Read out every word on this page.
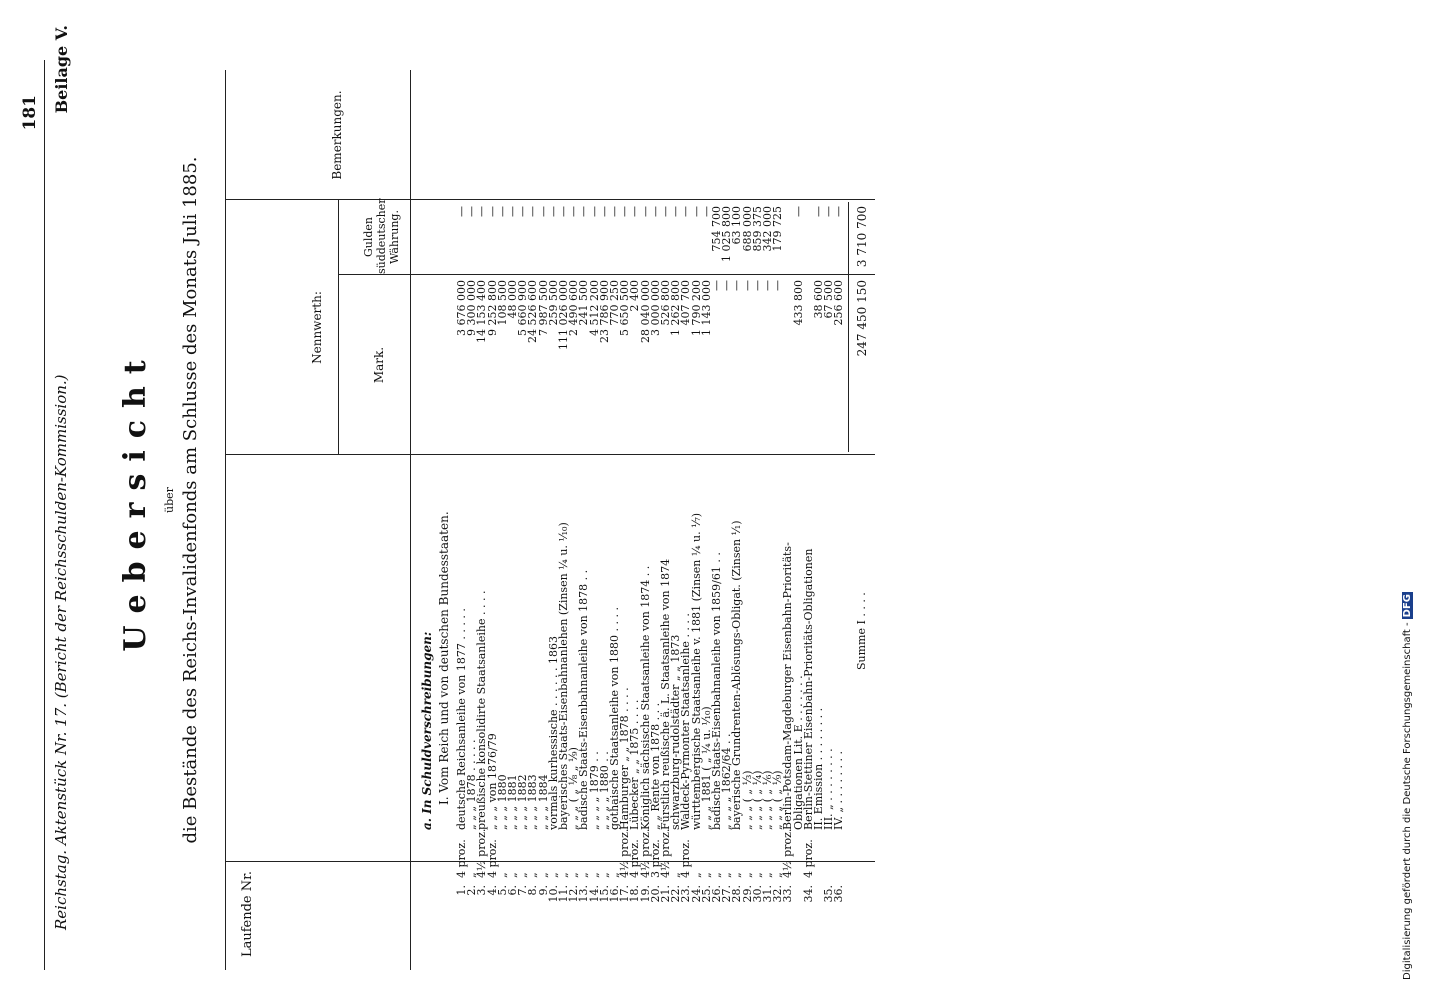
181
Reichstag. Aktenstück Nr. 17. (Bericht der Reichsschulden-Kommission.)
Beilage V.
Uebersicht über die Bestände des Reichs-Invalidenfonds am Schlusse des Monats Juli 1885.
Laufende Nr.
Nennwerth:
Mark.
Gulden süddeutscher Währung.
Bemerkungen.
a. In Schuldverschreibungen: I. Vom Reich und von deutschen Bundesstaaten.
1.
4 proz.
deutsche Reichsanleihe von 1877 . . . . .
3 676 000
—
2.
„
„ „ „ 1878 . . . . .
9 300 000
—
3.
4½ proz.
preußische konsolidirte Staatsanleihe . . . .
14 153 400
—
4.
4 proz.
„ „ „ von 1876/79
9 252 800
—
5.
„
„ „ „ 1880
108 500
—
6.
„
„ „ „ 1881
48 000
—
7.
„
„ „ „ 1882
5 660 900
—
8.
„
„ „ „ 1883
24 526 600
—
9.
„
„ „ „ 1884
7 987 500
—
10.
„
vormals kurhessische . . . . . . 1863
259 500
—
11.
„
bayerisches Staats-Eisenbahnanlehen (Zinsen ¼ u. ¹⁄₁₀)
111 026 000
—
12.
„
„ „ „ ( „ ⅛ „ ⅟₉)
2 490 600
—
13.
„
badische Staats-Eisenbahnanleihe von 1878 . .
241 500
—
14.
„
„ „ „ „ 1879 . .
4 512 200
—
15.
„
„ „ „ „ 1880 . .
23 786 900
—
16.
„
gothaische Staatsanleihe von 1880 . . . .
770 250
—
17.
4½ proz.
Hamburger „ „ 1878 . . . .
5 650 500
—
18.
4 proz.
Lübecker „ „ 1875 . . . .
2 400
—
19.
4½ proz.
Königlich sächsische Staatsanleihe von 1874 . .
28 040 000
—
20.
3 proz.
„ „ Rente von 1878 . . .
3 000 000
—
21.
4½ proz.
Fürstlich reußische ä. L. Staatsanleihe von 1874
526 800
—
22.
„
schwarzburg-rudolstädter „ „ 1873
1 262 800
—
23.
4 proz.
Waldeck-Pyrmonter Staatsanleihe . . . .
407 700
—
24.
„
württembergische Staatsanleihe v. 1881 (Zinsen ¼ u. ⅟₇)
1 790 200
—
25.
„
„ „ „ 1881 ( „ ¼ u. ¹⁄₁₀)
1 143 000
—
26.
„
badische Staats-Eisenbahnanleihe von 1859/61 . .
—
754 700
27.
„
„ „ „ „ 1862/64 . .
—
1 025 800
28.
„
bayerische Grundrenten-Ablösungs-Obligat. (Zinsen ⅟₁)
—
63 100
29.
„
„ „ „ ( „ ⅟₃)
—
688 000
30.
„
„ „ „ ( „ ⅟₄)
—
859 375
31.
„
„ „ „ ( „ ⅟₆)
—
342 000
32.
„
„ „ „ ( „ ⅟₉)
—
179 725
33.
4½ proz.
Berlin-Potsdam-Magdeburger Eisenbahn-Prioritäts-
Obligationen Lit. E . . . . . . .
433 800
—
34.
4 proz.
Berlin-Stettiner Eisenbahn-Prioritäts-Obligationen
II. Emission . . . . . . . .
38 600
—
35.
III. „ . . . . . . . .
67 500
—
36.
IV. „ . . . . . . . .
256 600
—
Summe I . . . .
247 450 150
3 710 700
Digitalisierung gefördert durch die Deutsche Forschungsgemeinschaft -DFG
